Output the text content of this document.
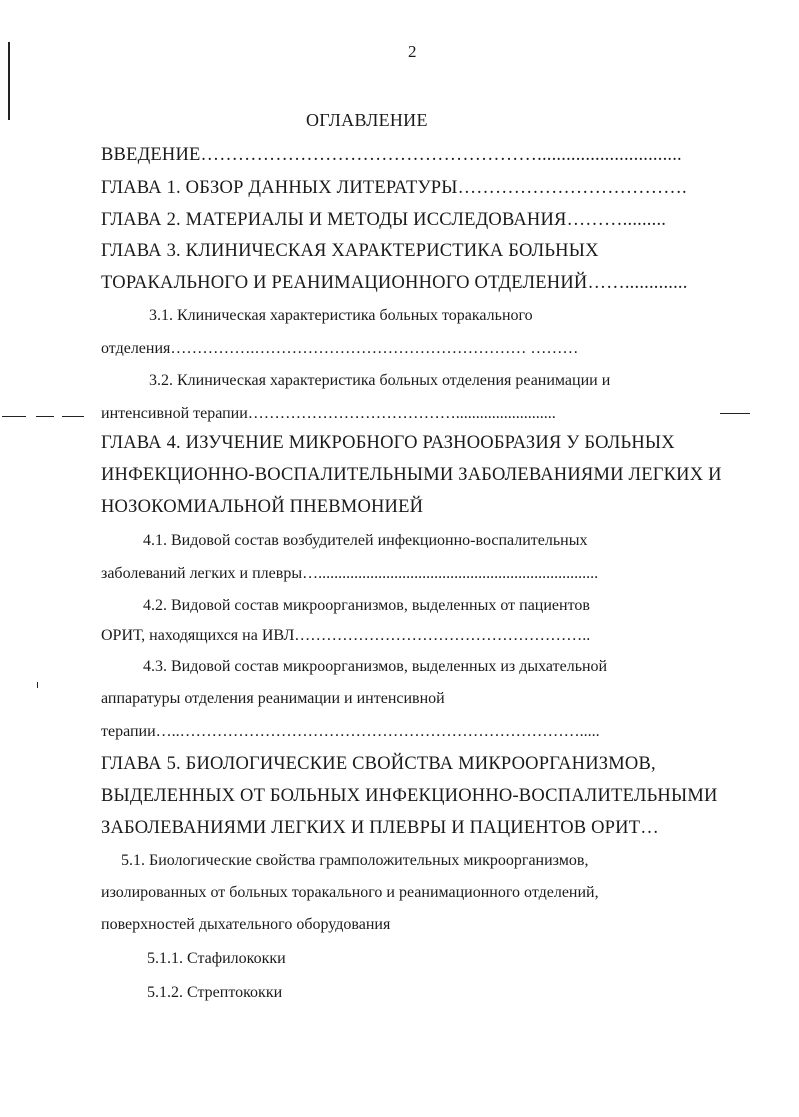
2
ОГЛАВЛЕНИЕ
ВВЕДЕНИЕ………………………………………………..............................
ГЛАВА 1. ОБЗОР ДАННЫХ ЛИТЕРАТУРЫ……………………………….
ГЛАВА 2. МАТЕРИАЛЫ И МЕТОДЫ ИССЛЕДОВАНИЯ……….........
ГЛАВА 3. КЛИНИЧЕСКАЯ ХАРАКТЕРИСТИКА БОЛЬНЫХ
ТОРАКАЛЬНОГО И РЕАНИМАЦИОННОГО ОТДЕЛЕНИЙ…….............
3.1. Клиническая характеристика больных торакального
отделения…………….…………………………………………… ………
3.2. Клиническая характеристика больных отделения реанимации и
интенсивной терапии………………………………….........................
ГЛАВА 4. ИЗУЧЕНИЕ МИКРОБНОГО РАЗНООБРАЗИЯ У БОЛЬНЫХ
ИНФЕКЦИОННО-ВОСПАЛИТЕЛЬНЫМИ ЗАБОЛЕВАНИЯМИ ЛЕГКИХ И
НОЗОКОМИАЛЬНОЙ ПНЕВМОНИЕЙ
4.1. Видовой состав возбудителей инфекционно-воспалительных
заболеваний легких и плевры…......................................................................
4.2. Видовой состав микроорганизмов, выделенных от пациентов
ОРИТ, находящихся на ИВЛ………………………………………………..
4.3. Видовой состав микроорганизмов, выделенных из дыхательной
аппаратуры отделения реанимации и интенсивной
терапии…..………………………………………………………………….....
ГЛАВА 5. БИОЛОГИЧЕСКИЕ СВОЙСТВА МИКРООРГАНИЗМОВ,
ВЫДЕЛЕННЫХ ОТ БОЛЬНЫХ ИНФЕКЦИОННО-ВОСПАЛИТЕЛЬНЫМИ
ЗАБОЛЕВАНИЯМИ ЛЕГКИХ И ПЛЕВРЫ И ПАЦИЕНТОВ ОРИТ…
5.1. Биологические свойства грамположительных микроорганизмов,
изолированных от больных торакального и реанимационного отделений,
поверхностей дыхательного оборудования
5.1.1. Стафилококки
5.1.2. Стрептококки
